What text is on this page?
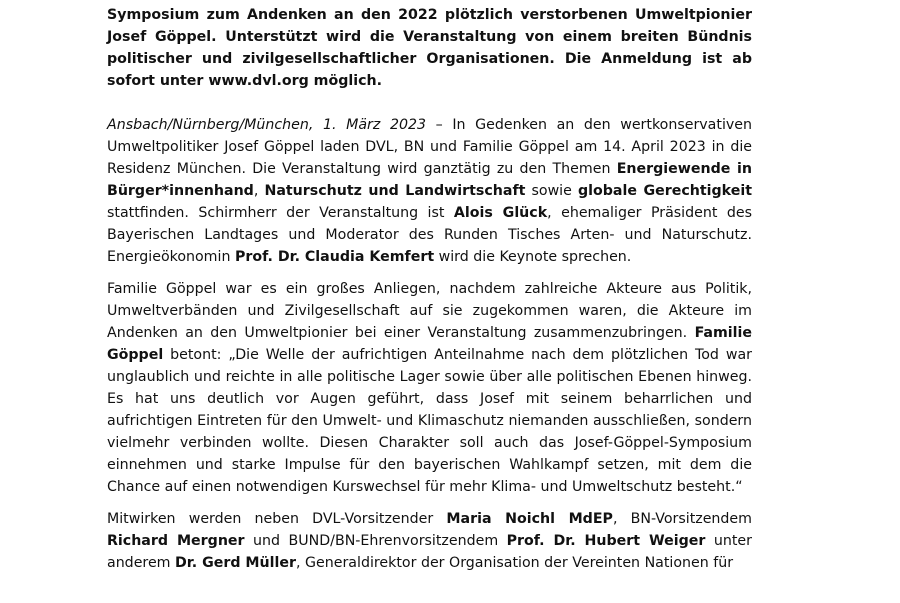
Symposium zum Andenken an den 2022 plötzlich verstorbenen Umweltpionier Josef Göppel. Unterstützt wird die Veranstaltung von einem breiten Bündnis politischer und zivilgesellschaftlicher Organisationen. Die Anmeldung ist ab sofort unter www.dvl.org möglich.

Ansbach/Nürnberg/München, 1. März 2023 – In Gedenken an den wertkonservativen Umweltpolitiker Josef Göppel laden DVL, BN und Familie Göppel am 14. April 2023 in die Residenz München. Die Veranstaltung wird ganztätig zu den Themen Energiewende in Bürger*innenhand, Naturschutz und Landwirtschaft sowie globale Gerechtigkeit stattfinden. Schirmherr der Veranstaltung ist Alois Glück, ehemaliger Präsident des Bayerischen Landtages und Moderator des Runden Tisches Arten- und Naturschutz. Energieökonomin Prof. Dr. Claudia Kemfert wird die Keynote sprechen.

Familie Göppel war es ein großes Anliegen, nachdem zahlreiche Akteure aus Politik, Umweltverbänden und Zivilgesellschaft auf sie zugekommen waren, die Akteure im Andenken an den Umweltpionier bei einer Veranstaltung zusammenzubringen. Familie Göppel betont: „Die Welle der aufrichtigen Anteilnahme nach dem plötzlichen Tod war unglaublich und reichte in alle politische Lager sowie über alle politischen Ebenen hinweg. Es hat uns deutlich vor Augen geführt, dass Josef mit seinem beharrlichen und aufrichtigen Eintreten für den Umwelt- und Klimaschutz niemanden ausschließen, sondern vielmehr verbinden wollte. Diesen Charakter soll auch das Josef-Göppel-Symposium einnehmen und starke Impulse für den bayerischen Wahlkampf setzen, mit dem die Chance auf einen notwendigen Kurswechsel für mehr Klima- und Umweltschutz besteht.“

Mitwirken werden neben DVL-Vorsitzender Maria Noichl MdEP, BN-Vorsitzendem Richard Mergner und BUND/BN-Ehrenvorsitzendem Prof. Dr. Hubert Weiger unter anderem Dr. Gerd Müller, Generaldirektor der Organisation der Vereinten Nationen für
